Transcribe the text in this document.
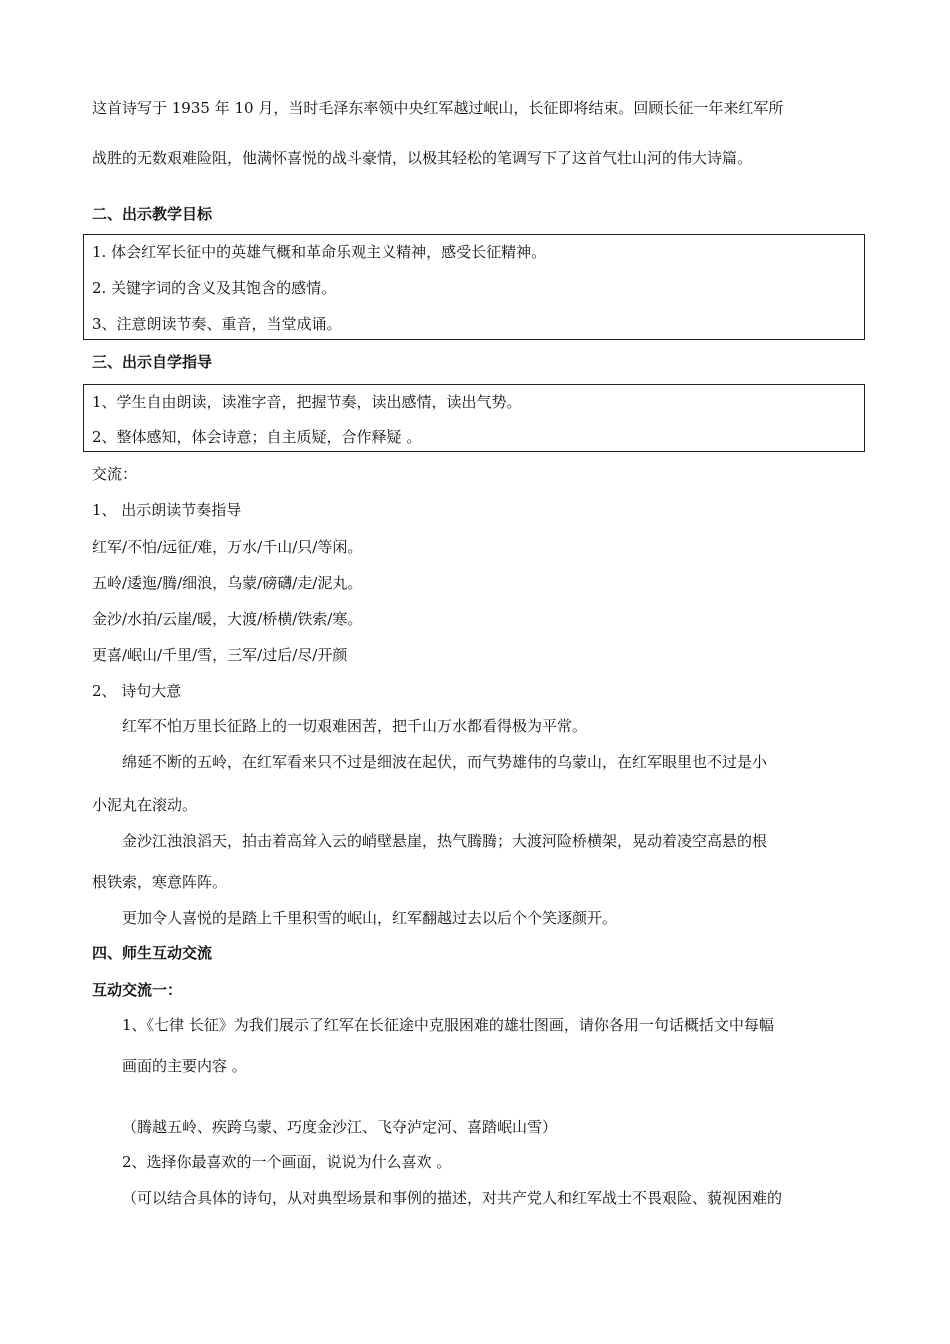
这首诗写于 1935 年 10 月，当时毛泽东率领中央红军越过岷山，长征即将结束。回顾长征一年来红军所
战胜的无数艰难险阻，他满怀喜悦的战斗豪情，以极其轻松的笔调写下了这首气壮山河的伟大诗篇。
二、出示教学目标
1. 体会红军长征中的英雄气概和革命乐观主义精神，感受长征精神。
2. 关键字词的含义及其饱含的感情。
3、注意朗读节奏、重音，当堂成诵。
三、出示自学指导
1、学生自由朗读，读准字音，把握节奏，读出感情，读出气势。
2、整体感知，体会诗意；自主质疑，合作释疑 。
交流：
1、 出示朗读节奏指导
红军/不怕/远征/难，万水/千山/只/等闲。
五岭/逶迤/腾/细浪，乌蒙/磅礴/走/泥丸。
金沙/水拍/云崖/暖，大渡/桥横/铁索/寒。
更喜/岷山/千里/雪，三军/过后/尽/开颜
2、 诗句大意
红军不怕万里长征路上的一切艰难困苦，把千山万水都看得极为平常。
绵延不断的五岭，在红军看来只不过是细波在起伏，而气势雄伟的乌蒙山，在红军眼里也不过是小
小泥丸在滚动。
金沙江浊浪滔天，拍击着高耸入云的峭壁悬崖，热气腾腾；大渡河险桥横架，晃动着凌空高悬的根
根铁索，寒意阵阵。
更加令人喜悦的是踏上千里积雪的岷山，红军翻越过去以后个个笑逐颜开。
四、师生互动交流
互动交流一：
1、《七律 长征》为我们展示了红军在长征途中克服困难的雄壮图画，请你各用一句话概括文中每幅
画面的主要内容 。
（腾越五岭、疾跨乌蒙、巧度金沙江、飞夺泸定河、喜踏岷山雪）
2、选择你最喜欢的一个画面，说说为什么喜欢 。
（可以结合具体的诗句，从对典型场景和事例的描述，对共产党人和红军战士不畏艰险、藐视困难的
